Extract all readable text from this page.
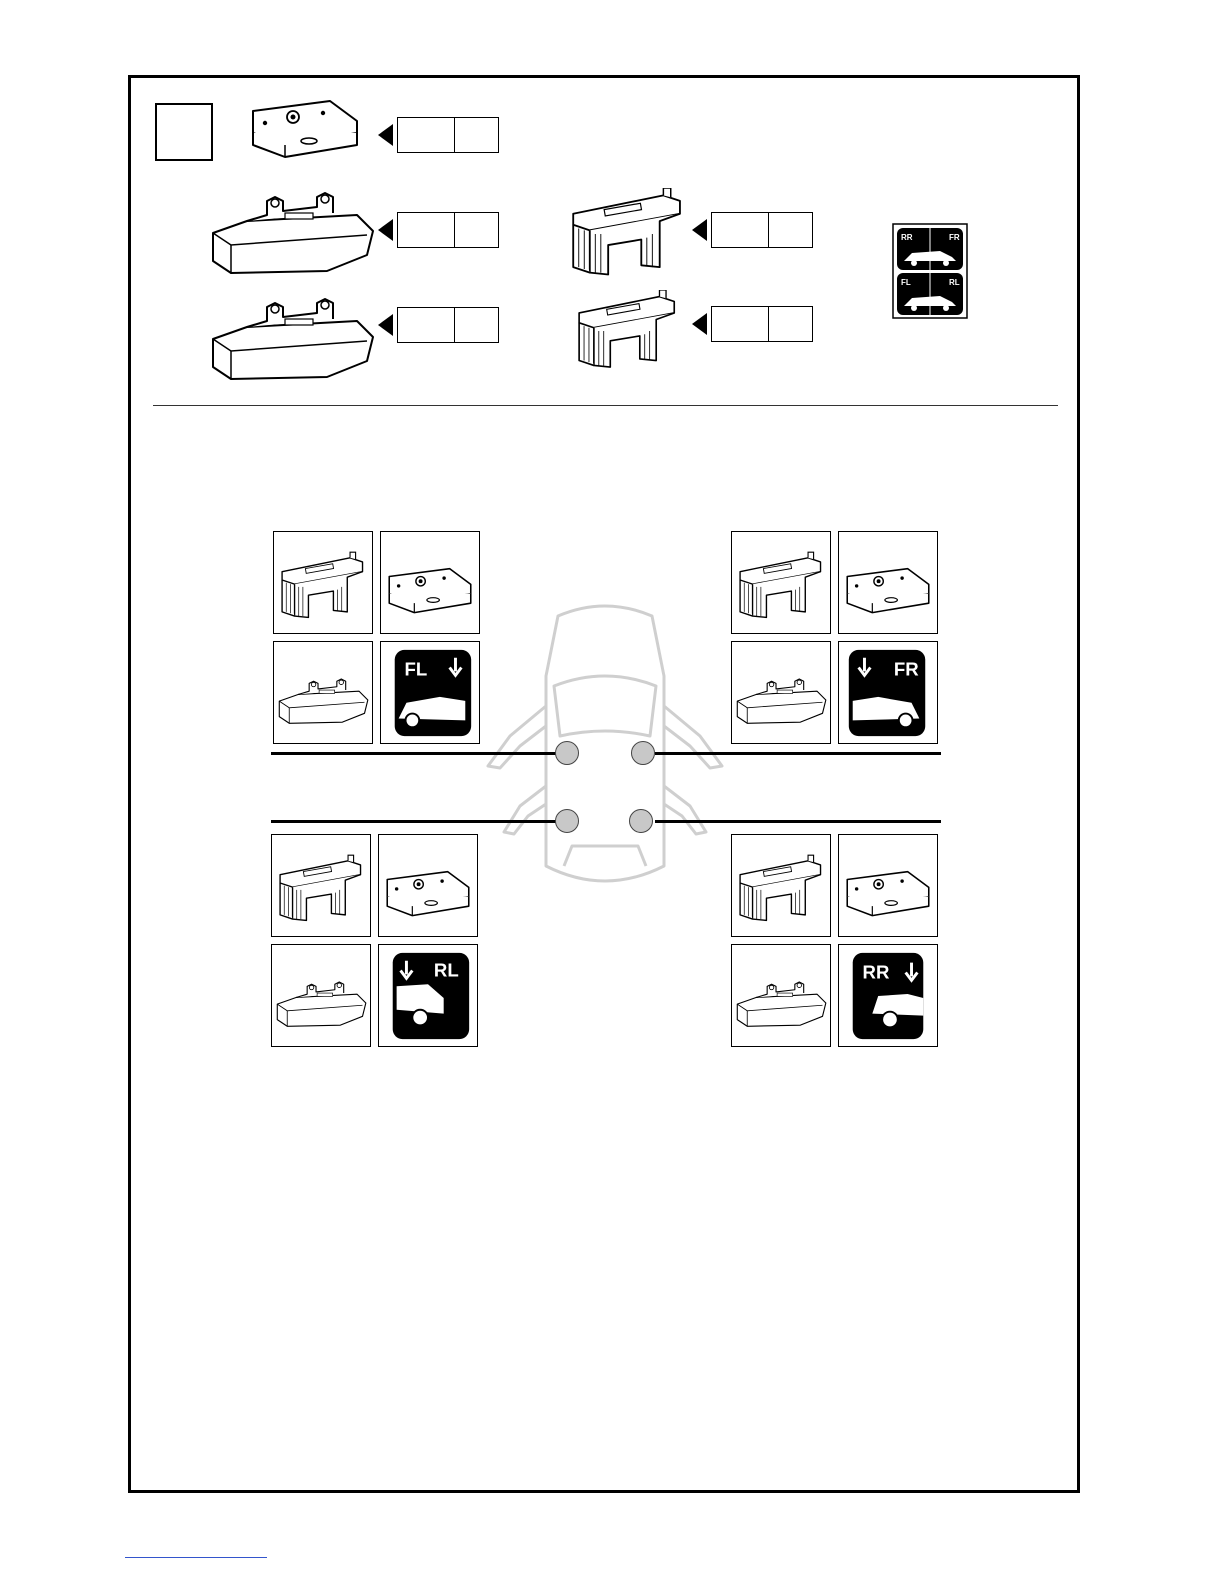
RR	FR
FL	RL
FL	FR
RL	RR
